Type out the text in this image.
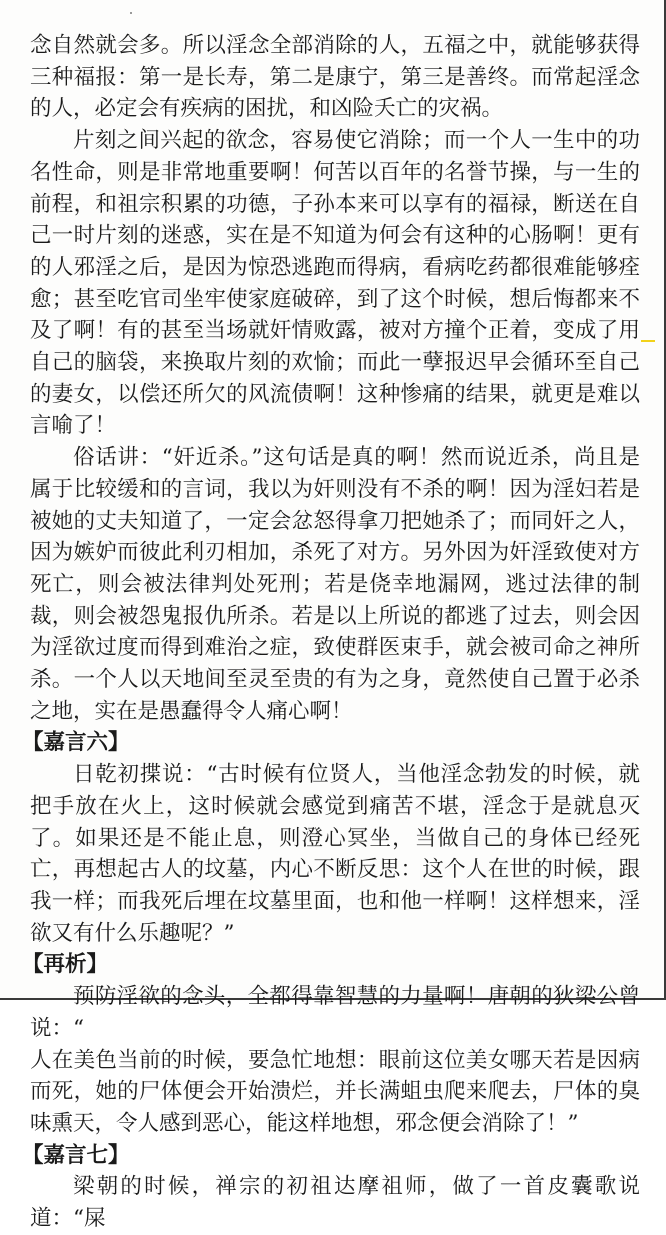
念自然就会多。所以淫念全部消除的人，五福之中，就能够获得三种福报：第一是长寿，第二是康宁，第三是善终。而常起淫念的人，必定会有疾病的困扰，和凶险夭亡的灾祸。

片刻之间兴起的欲念，容易使它消除；而一个人一生中的功名性命，则是非常地重要啊！何苦以百年的名誉节操，与一生的前程，和祖宗积累的功德，子孙本来可以享有的福禄，断送在自己一时片刻的迷惑，实在是不知道为何会有这种的心肠啊！更有的人邪淫之后，是因为惊恐逃跑而得病，看病吃药都很难能够痊愈；甚至吃官司坐牢使家庭破碎，到了这个时候，想后悔都来不及了啊！有的甚至当场就奸情败露，被对方撞个正着，变成了用自己的脑袋，来换取片刻的欢愉；而此一孽报迟早会循环至自己的妻女，以偿还所欠的风流债啊！这种惨痛的结果，就更是难以言喻了！

俗话讲：“奸近杀。”这句话是真的啊！然而说近杀，尚且是属于比较缓和的言词，我以为奸则没有不杀的啊！因为淫妇若是被她的丈夫知道了，一定会忿怒得拿刀把她杀了；而同奸之人，因为嫉妒而彼此利刃相加，杀死了对方。另外因为奸淫致使对方死亡，则会被法律判处死刑；若是侥幸地漏网，逃过法律的制裁，则会被怨鬼报仇所杀。若是以上所说的都逃了过去，则会因为淫欲过度而得到难治之症，致使群医束手，就会被司命之神所杀。一个人以天地间至灵至贵的有为之身，竟然使自己置于必杀之地，实在是愚蠢得令人痛心啊！

【嘉言六】

日乾初揲说：“古时候有位贤人，当他淫念勃发的时候，就把手放在火上，这时候就会感觉到痛苦不堪，淫念于是就息灭了。如果还是不能止息，则澄心冥坐，当做自己的身体已经死亡，再想起古人的坟墓，内心不断反思：这个人在世的时候，跟我一样；而我死后埋在坟墓里面，也和他一样啊！这样想来，淫欲又有什么乐趣呢？”

【再析】

预防淫欲的念头，全都得靠智慧的力量啊！唐朝的狄梁公曾说：“

人在美色当前的时候，要急忙地想：眼前这位美女哪天若是因病而死，她的尸体便会开始溃烂，并长满蛆虫爬来爬去，尸体的臭味熏天，令人感到恶心，能这样地想，邪念便会消除了！”

【嘉言七】

梁朝的时候，禅宗的初祖达摩祖师，做了一首皮囊歌说道：“屎
